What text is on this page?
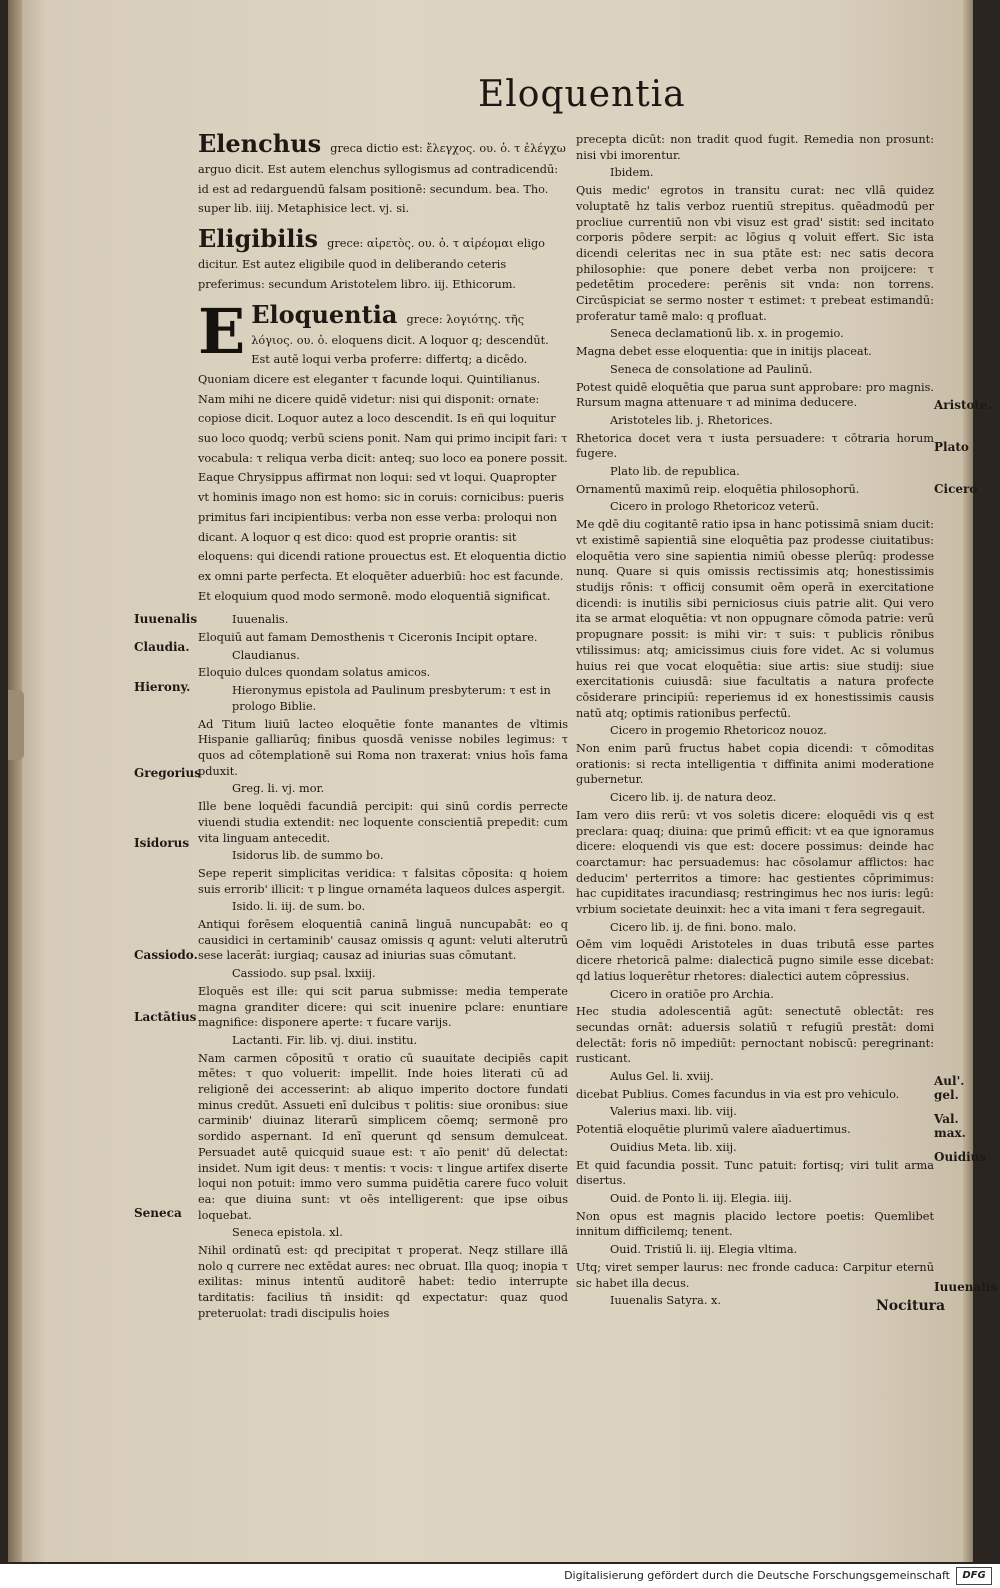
Eloquentia
Elenchus greca dictio est: ἔλεγχος. ου. ὁ. τ ἐλέγχω arguo dicit. Est autem elenchus syllogismus ad contradicendū: id est ad redarguendū falsam positionē: secundum. bea. Tho. super lib. iiij. Metaphisice lect. vj. si.
Eligibilis grece: αἱρετὸς. ου. ὁ. τ αἱρέομαι eligo dicitur. Est autez eligibile quod in deliberando ceteris preferimus: secundum Aristotelem libro. iij. Ethicorum.
E Eloquentia grece: λογιότης. τῆς λόγιος. ου. ὁ. eloquens dicit. A loquor q; descendūt. Est autē loqui verba proferre: differtq; a dicēdo. Quoniam dicere est eleganter τ facunde loqui. Quintilianus. Nam mihi ne dicere quidē videtur: nisi qui disponit: ornate: copiose dicit. Loquor autez a loco descendit. Is eñ qui loquitur suo loco quodq; verbū sciens ponit. Nam qui primo incipit fari: τ vocabula: τ reliqua verba dicit: anteq; suo loco ea ponere possit. Eaque Chrysippus affirmat non loqui: sed vt loqui. Quapropter vt hominis imago non est homo: sic in coruis: cornicibus: pueris primitus fari incipientibus: verba non esse verba: proloqui non dicant. A loquor q est dico: quod est proprie orantis: sit eloquens: qui dicendi ratione prouectus est. Et eloquentia dictio ex omni parte perfecta. Et eloquēter aduerbiū: hoc est facunde. Et eloquium quod modo sermonē. modo eloquentiā significat.
Iuuenalis.
Eloquiū aut famam Demosthenis τ Ciceronis Incipit optare.
Claudianus.
Eloquio dulces quondam solatus amicos.
Hieronymus epistola ad Paulinum presbyterum: τ est in prologo Biblie.
Ad Titum liuiū lacteo eloquētie fonte manantes de vltimis Hispanie galliarūq; finibus quosdā venisse nobiles legimus: τ quos ad cōtemplationē sui Roma non traxerat: vnius hoīs fama pduxit.
Greg. li. vj. mor.
Ille bene loquēdi facundiā percipit: qui sinū cordis perrecte viuendi studia extendit: nec loquente conscientiā prepedit: cum vita linguam antecedit.
Isidorus lib. de summo bo.
Sepe reperit simplicitas veridica: τ falsitas cōposita: q hoiem suis errorib' illicit: τ p lingue ornaméta laqueos dulces aspergit.
Isido. li. iij. de sum. bo.
Antiqui forēsem eloquentiā caninā linguā nuncupabāt: eo q causidici in certaminib' causaz omissis q agunt: veluti alterutrū sese lacerāt: iurgiaq; causaz ad iniurias suas cōmutant.
Cassiodo. sup psal. lxxiij.
Eloquēs est ille: qui scit parua submisse: media temperate magna granditer dicere: qui scit inuenire pclare: enuntiare magnifice: disponere aperte: τ fucare varijs.
Lactanti. Fir. lib. vj. diui. institu.
Nam carmen cōpositū τ oratio cū suauitate decipiēs capit mētes: τ quo voluerit: impellit. Inde hoies literati cū ad religionē dei accesserint: ab aliquo imperito doctore fundati minus credūt. Assueti enī dulcibus τ politis: siue oronibus: siue carminib' diuinaz literarū simplicem cōemq; sermonē pro sordido aspernant. Id enī querunt qd sensum demulceat. Persuadet autē quicquid suaue est: τ aīo penit' dū delectat: insidet. Num igit deus: τ mentis: τ vocis: τ lingue artifex diserte loqui non potuit: immo vero summa puidētia carere fuco voluit ea: que diuina sunt: vt oēs intelligerent: que ipse oibus loquebat.
Seneca epistola. xl.
Nihil ordinatū est: qd precipitat τ properat. Neqz stillare illā nolo q currere nec extēdat aures: nec obruat. Illa quoq; inopia τ exilitas: minus intentū auditorē habet: tedio interrupte tarditatis: facilius tñ insidit: qd expectatur: quaz quod preteruolat: tradi discipulis hoies
precepta dicūt: non tradit quod fugit. Remedia non prosunt: nisi vbi imorentur.
Ibidem.
Quis medic' egrotos in transitu curat: nec vllā quidez voluptatē hz talis verboz ruentiū strepitus. quēadmodū per procliue currentiū non vbi visuz est grad' sistit: sed incitato corporis pōdere serpit: ac lōgius q voluit effert. Sic ista dicendi celeritas nec in sua ptāte est: nec satis decora philosophie: que ponere debet verba non proijcere: τ pedetētim procedere: perēnis sit vnda: non torrens. Circūspiciat se sermo noster τ estimet: τ prebeat estimandū: proferatur tamē malo: q profluat.
Seneca declamationū lib. x. in progemio.
Magna debet esse eloquentia: que in initijs placeat.
Seneca de consolatione ad Paulinū.
Potest quidē eloquētia que parua sunt approbare: pro magnis. Rursum magna attenuare τ ad minima deducere.
Aristoteles lib. j. Rhetorices.
Rhetorica docet vera τ iusta persuadere: τ cōtraria horum fugere.
Plato lib. de republica.
Ornamentū maximū reip. eloquētia philosophorū.
Cicero in prologo Rhetoricoz veterū.
Me qdē diu cogitantē ratio ipsa in hanc potissimā sniam ducit: vt existimē sapientiā sine eloquētia paz prodesse ciuitatibus: eloquētia vero sine sapientia nimiū obesse plerūq: prodesse nunq. Quare si quis omissis rectissimis atq; honestissimis studijs rōnis: τ officij consumit oēm operā in exercitatione dicendi: is inutilis sibi perniciosus ciuis patrie alit. Qui vero ita se armat eloquētia: vt non oppugnare cōmoda patrie: verū propugnare possit: is mihi vir: τ suis: τ publicis rōnibus vtilissimus: atq; amicissimus ciuis fore videt. Ac si volumus huius rei que vocat eloquētia: siue artis: siue studij: siue exercitationis cuiusdā: siue facultatis a natura profecte cōsiderare principiū: reperiemus id ex honestissimis causis natū atq; optimis rationibus perfectū.
Cicero in progemio Rhetoricoz nouoz.
Non enim parū fructus habet copia dicendi: τ cōmoditas orationis: si recta intelligentia τ diffinita animi moderatione gubernetur.
Cicero lib. ij. de natura deoz.
Iam vero diis rerū: vt vos soletis dicere: eloquēdi vis q est preclara: quaq; diuina: que primū efficit: vt ea que ignoramus dicere: eloquendi vis que est: docere possimus: deinde hac coarctamur: hac persuademus: hac cōsolamur afflictos: hac deducim' perterritos a timore: hac gestientes cōprimimus: hac cupiditates iracundiasq; restringimus hec nos iuris: legū: vrbium societate deuinxit: hec a vita imani τ fera segregauit.
Cicero lib. ij. de fini. bono. malo.
Oēm vim loquēdi Aristoteles in duas tributā esse partes dicere rhetoricā palme: dialecticā pugno simile esse dicebat: qd latius loquerētur rhetores: dialectici autem cōpressius.
Cicero in oratiōe pro Archia.
Hec studia adolescentiā agūt: senectutē oblectāt: res secundas ornāt: aduersis solatiū τ refugiū prestāt: domi delectāt: foris nō impediūt: pernoctant nobiscū: peregrinant: rusticant.
Aulus Gel. li. xviij.
dicebat Publius. Comes facundus in via est pro vehiculo.
Valerius maxi. lib. viij.
Potentiā eloquētie plurimū valere aīaduertimus.
Ouidius Meta. lib. xiij.
Et quid facundia possit. Tunc patuit: fortisq; viri tulit arma disertus.
Ouid. de Ponto li. iij. Elegia. iiij.
Non opus est magnis placido lectore poetis: Quemlibet innitum difficilemq; tenent.
Ouid. Tristiū li. iij. Elegia vltima.
Utq; viret semper laurus: nec fronde caduca: Carpitur eternū sic habet illa decus.
Iuuenalis Satyra. x.
Iuuenalis
Claudia.
Hierony.
Gregorius
Isidorus
Cassiodo.
Lactātius
Seneca
Aristote.
Plato
Cicero
Aul'. gel.
Val. max.
Ouidius
Iuuenalis
Nocitura
Digitalisierung gefördert durch die Deutsche Forschungsgemeinschaft	DFG
